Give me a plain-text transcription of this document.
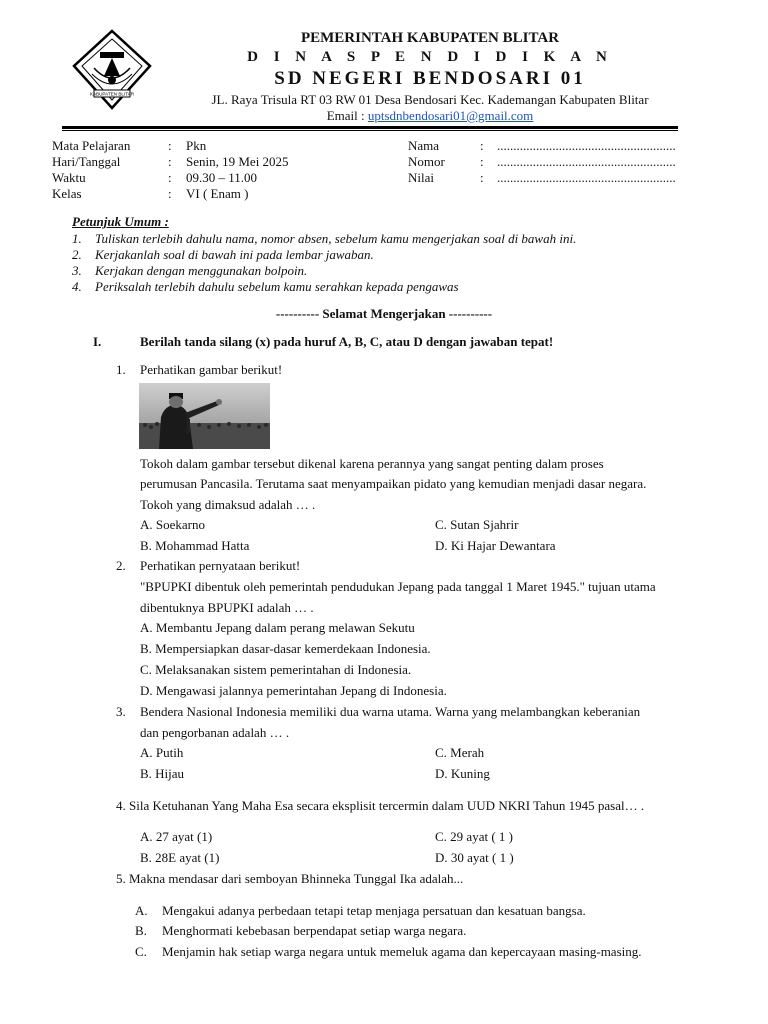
KABUPATEN BLITAR
PEMERINTAH KABUPATEN BLITAR
D I N A S P E N D I D I K A N
SD NEGERI BENDOSARI 01
JL. Raya Trisula RT 03 RW 01 Desa Bendosari Kec. Kademangan Kabupaten Blitar
Email : uptsdnbendosari01@gmail.com
Mata Pelajaran	: Pkn
Hari/Tanggal	: Senin, 19 Mei 2025
Waktu	: 09.30 – 11.00
Kelas	: VI ( Enam )
Nama	: .......................................................
Nomor	: .......................................................
Nilai	: .......................................................
Petunjuk Umum :
1. Tuliskan terlebih dahulu nama, nomor absen, sebelum kamu mengerjakan soal di bawah ini.
2. Kerjakanlah soal di bawah ini pada lembar jawaban.
3. Kerjakan dengan menggunakan bolpoin.
4. Periksalah terlebih dahulu sebelum kamu serahkan kepada pengawas
---------- Selamat Mengerjakan ----------
I.	Berilah tanda silang (x) pada huruf A, B, C, atau D dengan jawaban tepat!
1. Perhatikan gambar berikut!
Tokoh dalam gambar tersebut dikenal karena perannya yang sangat penting dalam proses
perumusan Pancasila. Terutama saat menyampaikan pidato yang kemudian menjadi dasar negara.
Tokoh yang dimaksud adalah … .
A. Soekarno	C. Sutan Sjahrir
B. Mohammad Hatta	D. Ki Hajar Dewantara
2. Perhatikan pernyataan berikut!
"BPUPKI dibentuk oleh pemerintah pendudukan Jepang pada tanggal 1 Maret 1945." tujuan utama
dibentuknya BPUPKI adalah … .
A. Membantu Jepang dalam perang melawan Sekutu
B. Mempersiapkan dasar-dasar kemerdekaan Indonesia.
C. Melaksanakan sistem pemerintahan di Indonesia.
D. Mengawasi jalannya pemerintahan Jepang di Indonesia.
3. Bendera Nasional Indonesia memiliki dua warna utama. Warna yang melambangkan keberanian
dan pengorbanan adalah … .
A. Putih	C. Merah
B. Hijau	D. Kuning
4. Sila Ketuhanan Yang Maha Esa secara eksplisit tercermin dalam UUD NKRI Tahun 1945 pasal… .
A. 27 ayat (1)	C. 29 ayat ( 1 )
B. 28E ayat (1)	D. 30 ayat ( 1 )
5. Makna mendasar dari semboyan Bhinneka Tunggal Ika adalah...
A. Mengakui adanya perbedaan tetapi tetap menjaga persatuan dan kesatuan bangsa.
B. Menghormati kebebasan berpendapat setiap warga negara.
C. Menjamin hak setiap warga negara untuk memeluk agama dan kepercayaan masing-masing.
